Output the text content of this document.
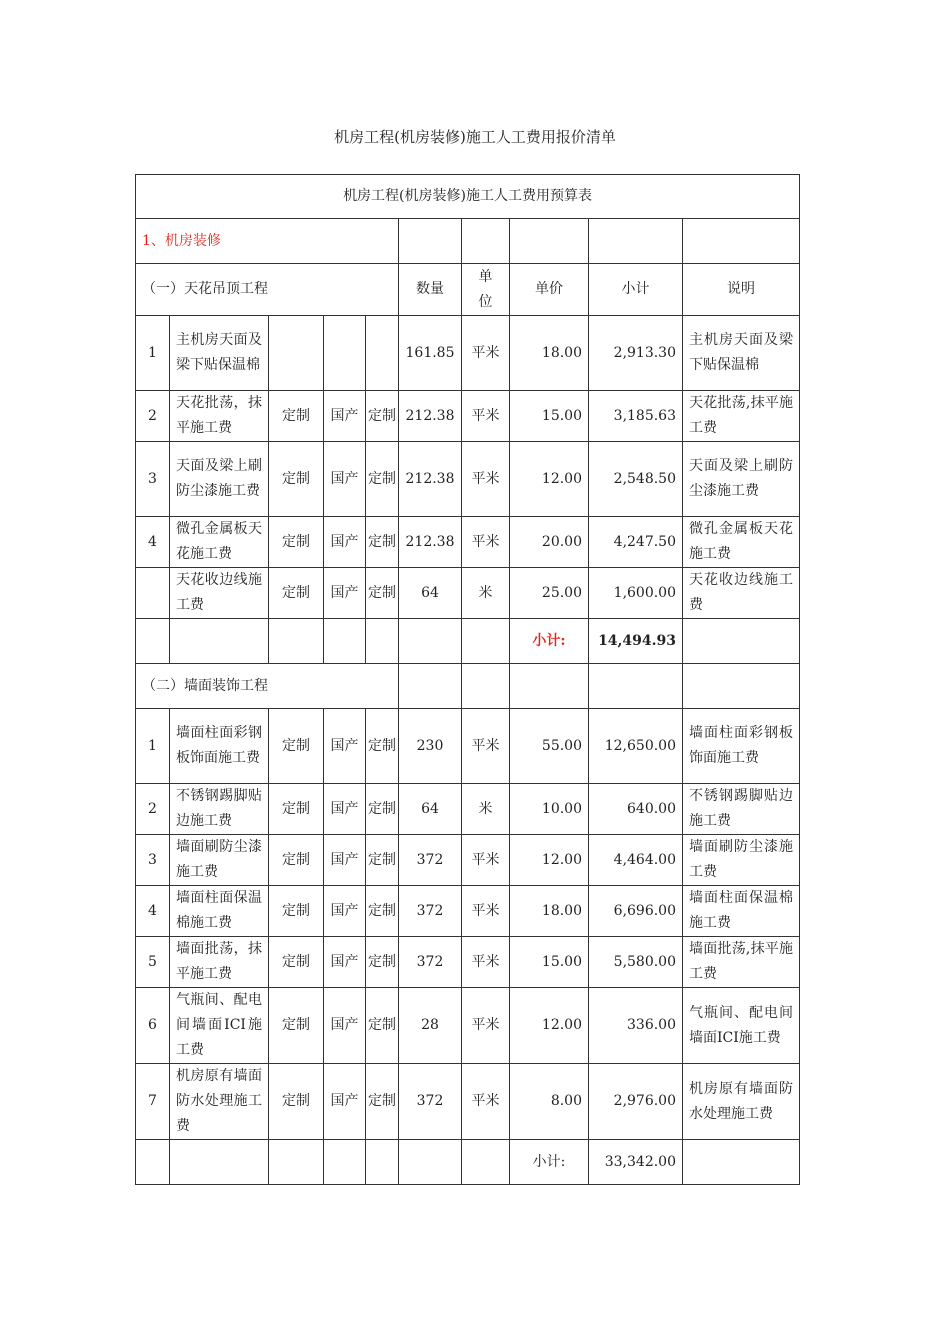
机房工程(机房装修)施工人工费用报价清单
机房工程(机房装修)施工人工费用预算表									
1、机房装修									
（一）天花吊顶工程					数量	单
位	单价	小计	说明
1	主机房天面及梁下贴保温棉				161.85	平米	18.00	2,913.30	主机房天面及梁下贴保温棉
2	天花批荡，抹平施工费	定制	国产	定制	212.38	平米	15.00	3,185.63	天花批荡,抹平施工费
3	天面及梁上刷防尘漆施工费	定制	国产	定制	212.38	平米	12.00	2,548.50	天面及梁上刷防尘漆施工费
4	微孔金属板天花施工费	定制	国产	定制	212.38	平米	20.00	4,247.50	微孔金属板天花施工费
	天花收边线施工费	定制	国产	定制	64	米	25.00	1,600.00	天花收边线施工费
							小计:	14,494.93	
（二）墙面装饰工程									
1	墙面柱面彩钢板饰面施工费	定制	国产	定制	230	平米	55.00	12,650.00	墙面柱面彩钢板饰面施工费
2	不锈钢踢脚贴边施工费	定制	国产	定制	64	米	10.00	640.00	不锈钢踢脚贴边施工费
3	墙面刷防尘漆施工费	定制	国产	定制	372	平米	12.00	4,464.00	墙面刷防尘漆施工费
4	墙面柱面保温棉施工费	定制	国产	定制	372	平米	18.00	6,696.00	墙面柱面保温棉施工费
5	墙面批荡，抹平施工费	定制	国产	定制	372	平米	15.00	5,580.00	墙面批荡,抹平施工费
6	气瓶间、配电间墙面ICI施工费	定制	国产	定制	28	平米	12.00	336.00	气瓶间、配电间墙面ICI施工费
7	机房原有墙面防水处理施工费	定制	国产	定制	372	平米	8.00	2,976.00	机房原有墙面防水处理施工费
							小计:	33,342.00	
